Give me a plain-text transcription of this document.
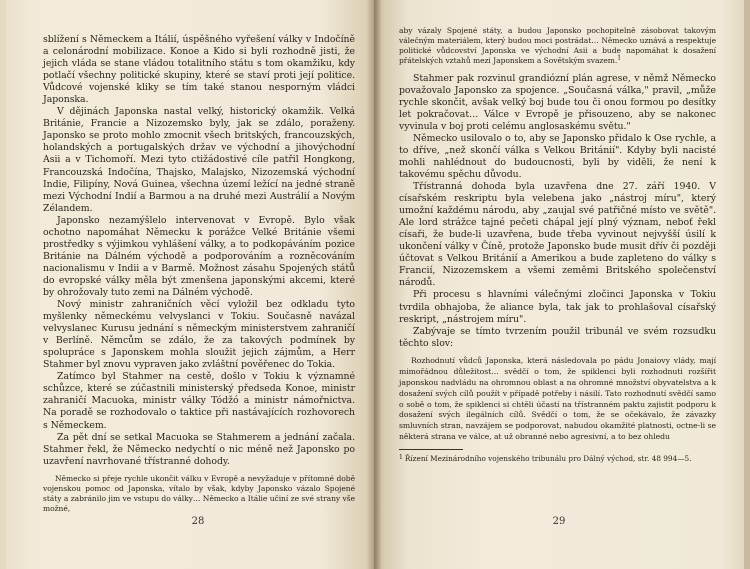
sblížení s Německem a Itálií, úspěšného vyřešení války v Indočíně a celonárodní mobilizace. Konoe a Kido si byli rozhodně jisti, že jejich vláda se stane vládou totalitního státu s tom okamžiku, kdy potlačí všechny politické skupiny, které se staví proti její politice. Vůdcové vojenské kliky se tím také stanou nesporným vládci Japonska.

V dějinách Japonska nastal velký, historický okamžik. Velká Británie, Francie a Nizozemsko byly, jak se zdálo, poraženy. Japonsko se proto mohlo zmocnit všech britských, francouzských, holandských a portugalských držav ve východní a jihovýchodní Asii a v Tichomoří. Mezi tyto ctižádostivé cíle patřil Hongkong, Francouzská Indočína, Thajsko, Malajsko, Nizozemská východní Indie, Filipíny, Nová Guinea, všechna území ležící na jedné straně mezi Východní Indií a Barmou a na druhé mezi Austrálií a Novým Zélandem.

Japonsko nezamýšlelo intervenovat v Evropě. Bylo však ochotno napomáhat Německu k porážce Velké Británie všemi prostředky s výjimkou vyhlášení války, a to podkopáváním pozice Británie na Dálném východě a podporováním a rozněcováním nacionalismu v Indii a v Barmě. Možnost zásahu Spojených států do evropské války měla být zmenšena japonskými akcemi, které by ohrožovaly tuto zemi na Dálném východě.

Nový ministr zahraničních věcí vyložil bez odkladu tyto myšlenky německému velvyslanci v Tokiu. Současně navázal velvyslanec Kurusu jednání s německým ministerstvem zahraničí v Berlíně. Němcům se zdálo, že za takových podmínek by spolupráce s Japonskem mohla sloužit jejich zájmům, a Herr Stahmer byl znovu vypraven jako zvláštní pověřenec do Tokia.

Zatímco byl Stahmer na cestě, došlo v Tokiu k významné schůzce, které se zúčastnili ministerský předseda Konoe, ministr zahraničí Macuoka, ministr války Tódžó a ministr námořnictva. Na poradě se rozhodovalo o taktice při nastávajících rozhovorech s Německem.

Za pět dní se setkal Macuoka se Stahmerem a jednání začala. Stahmer řekl, že Německo nedychtí o nic méně než Japonsko po uzavření navrhované třístranné dohody.

Německo si přeje rychle ukončit válku v Evropě a nevyžaduje v přítomné době vojenskou pomoc od Japonska, vítalo by však, kdyby Japonsko vázalo Spojené státy a zabránilo jim ve vstupu do války… Německo a Itálie učiní ze své strany vše možné,

28

aby vázaly Spojené státy, a budou Japonsko pochopitelně zásobovat takovým válečným materiálem, který budou moci postrádat… Německo uznává a respektuje politické vůdcovství Japonska ve východní Asii a bude napomáhat k dosažení přátelských vztahů mezi Japonskem a Sovětským svazem.$^1$

Stahmer pak rozvinul grandiózní plán agrese, v němž Německo považovalo Japonsko za spojence. „Současná válka," pravil, „může rychle skončit, avšak velký boj bude tou či onou formou po desítky let pokračovat… Válce v Evropě je přisouzeno, aby se nakonec vyvinula v boj proti celému anglosaskému světu."

Německo usilovalo o to, aby se Japonsko přidalo k Ose rychle, a to dříve, „než skončí válka s Velkou Británií". Kdyby byli nacisté mohli nahlédnout do budoucnosti, byli by viděli, že není k takovému spěchu důvodu.

Třístranná dohoda byla uzavřena dne 27. září 1940. V císařském reskriptu byla velebena jako „nástroj míru", který umožní každému národu, aby „zaujal své patřičné místo ve světě". Ale lord strážce tajné pečeti chápal její plný význam, neboť řekl císaři, že bude-li uzavřena, bude třeba vyvinout nejvyšší úsilí k ukončení války v Číně, protože Japonsko bude musit dřív či později účtovat s Velkou Británií a Amerikou a bude zapleteno do války s Francií, Nizozemskem a všemi zeměmi Britského společenství národů.

Při procesu s hlavními válečnými zločinci Japonska v Tokiu tvrdila obhajoba, že aliance byla, tak jak to prohlašoval císařský reskript, „nástrojem míru".

Zabývaje se tímto tvrzením použil tribunál ve svém rozsudku těchto slov:

Rozhodnutí vůdců Japonska, která následovala po pádu Jonaiovy vlády, mají mimořádnou důležitost… svědčí o tom, že spiklenci byli rozhodnuti rozšířit japonskou nadvládu na ohromnou oblast a na ohromné množství obyvatelstva a k dosažení svých cílů použít v případě potřeby i násilí. Tato rozhodnutí svědčí samo o sobě o tom, že spiklenci si chtěli účastí na třístranném paktu zajistit podporu k dosažení svých ilegálních cílů. Svědčí o tom, že se očekávalo, že závazky smluvních stran, navzájem se podporovat, nabudou okamžité platnosti, octne-li se některá strana ve válce, at už obranné nebo agresivní, a to bez ohledu

$^1$ Řízení Mezinárodního vojenského tribunálu pro Dálný východ, str. 48 994—5.
29
